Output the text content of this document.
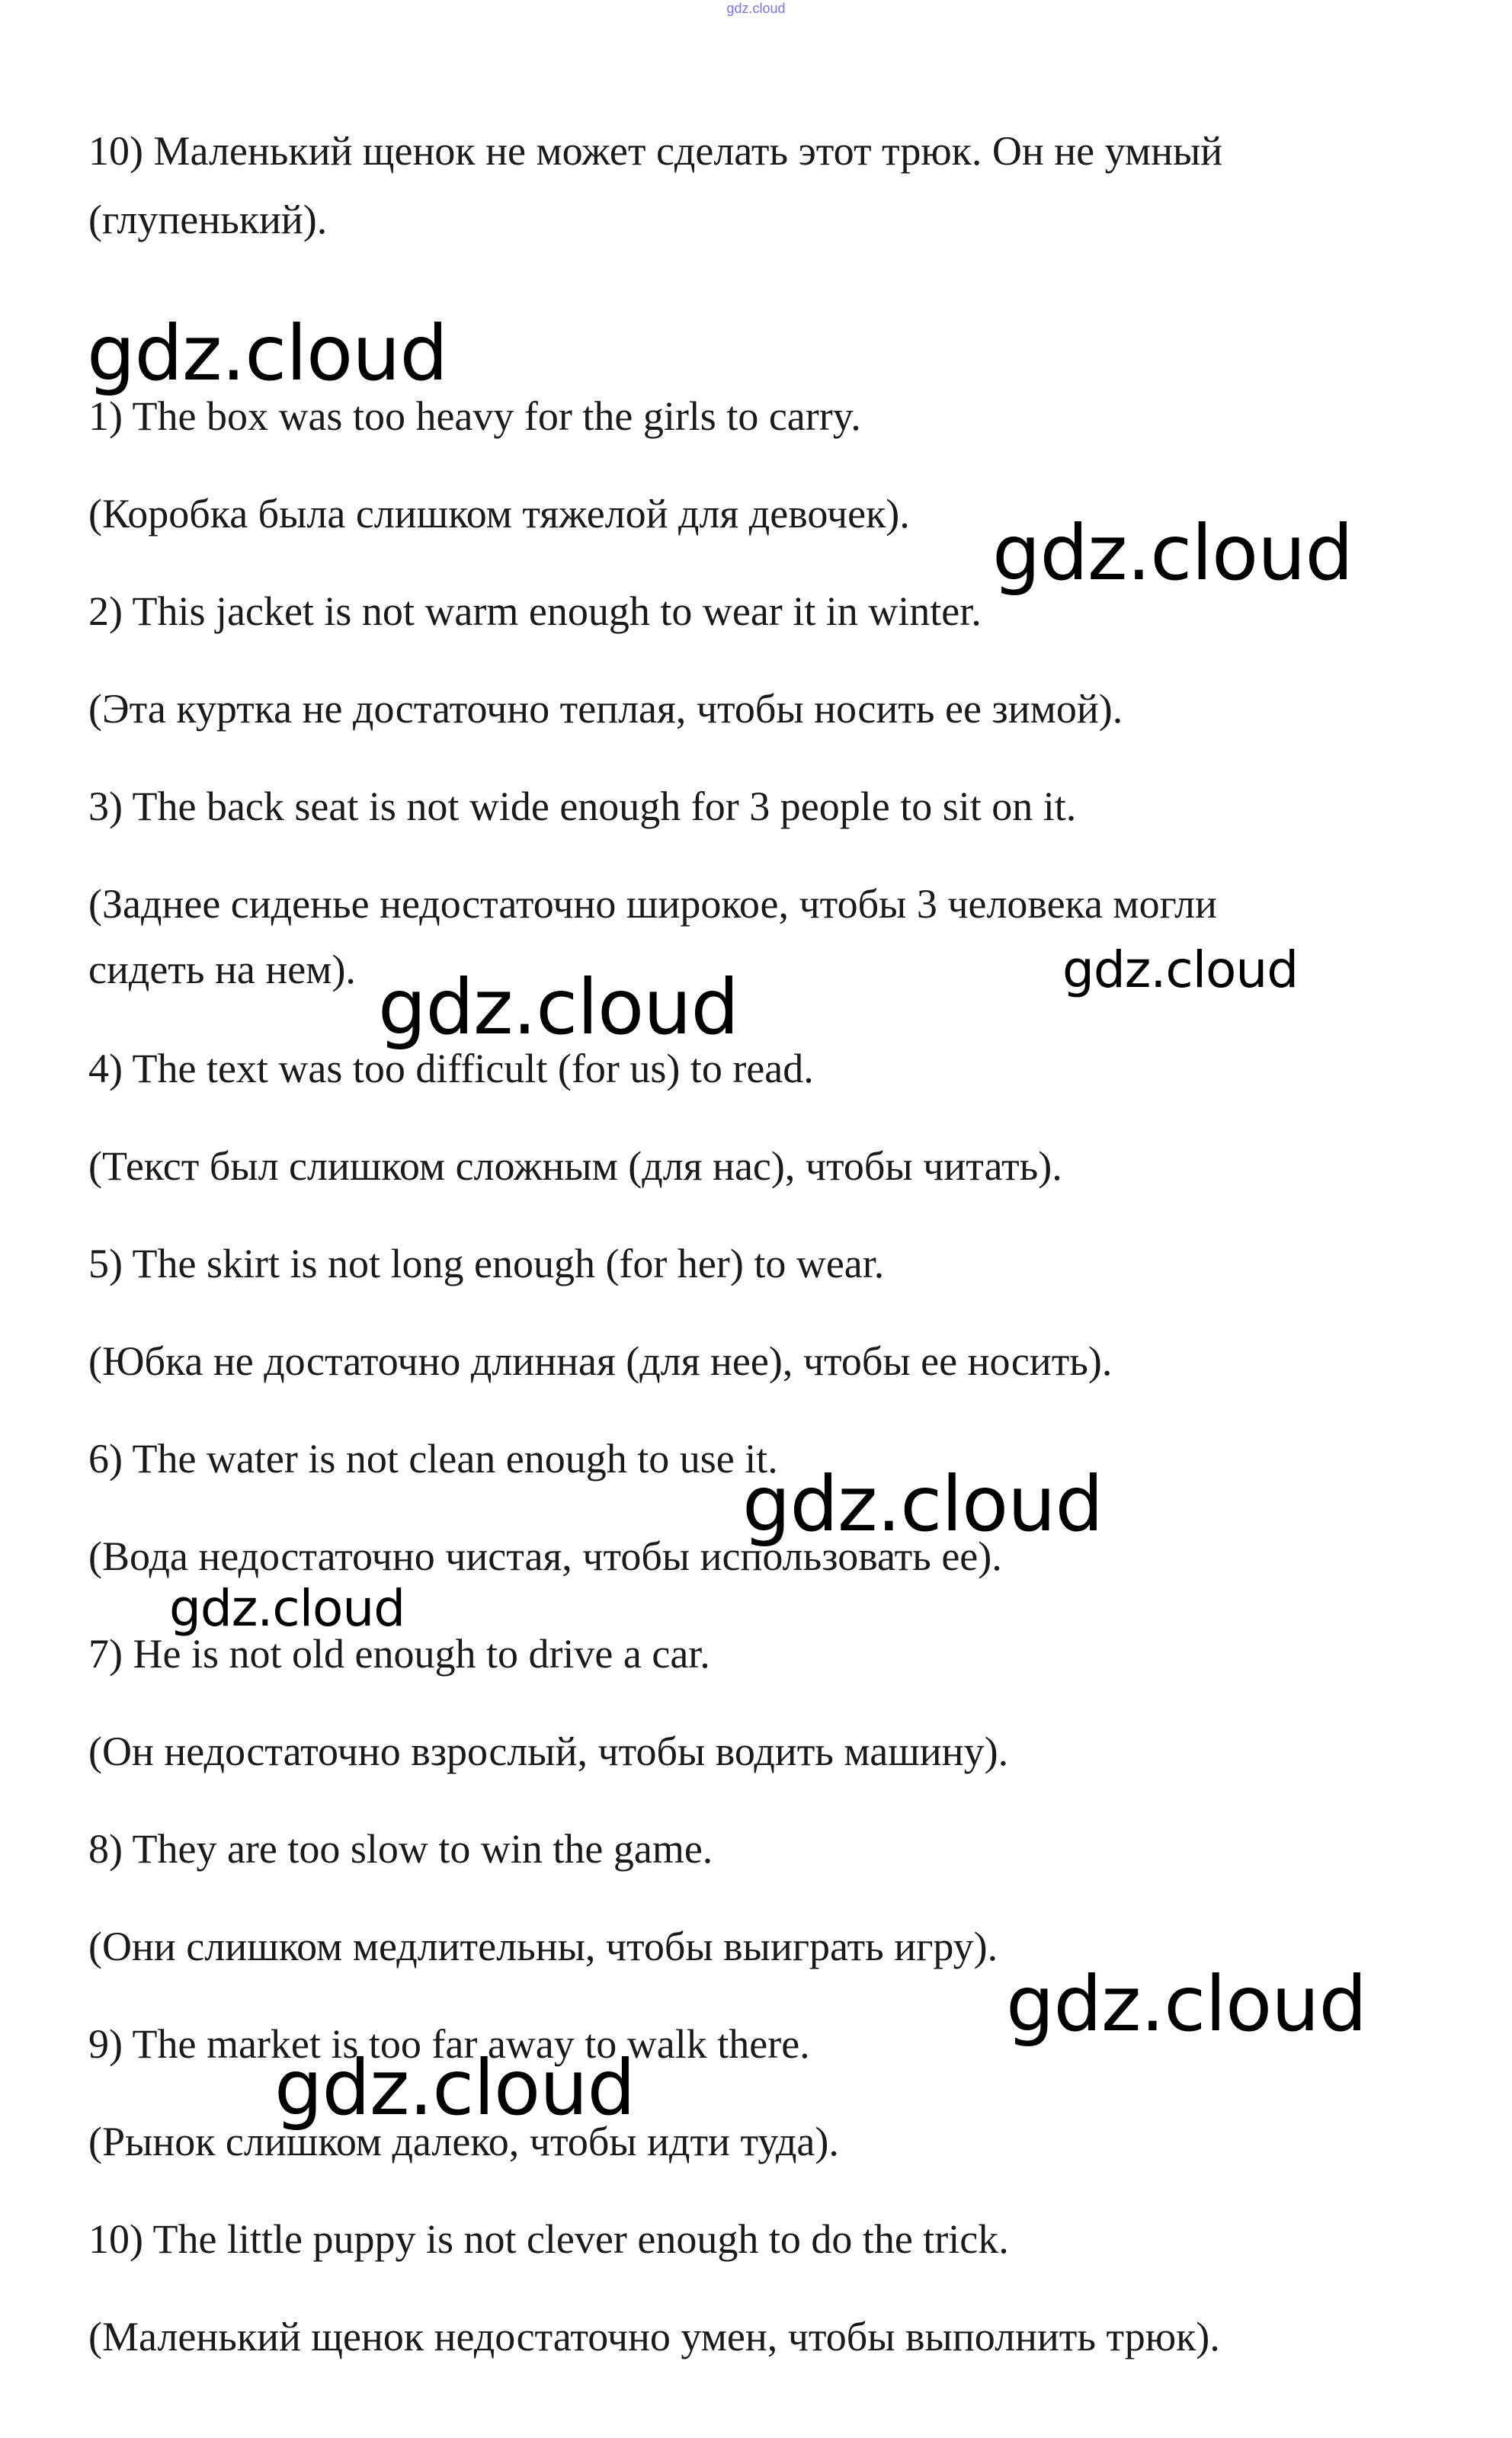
gdz.cloud
10) Маленький щенок не может сделать этот трюк. Он не умный
(глупенький).
1) The box was too heavy for the girls to carry.
(Коробка была слишком тяжелой для девочек).
2) This jacket is not warm enough to wear it in winter.
(Эта куртка не достаточно теплая, чтобы носить ее зимой).
3) The back seat is not wide enough for 3 people to sit on it.
(Заднее сиденье недостаточно широкое, чтобы 3 человека могли
сидеть на нем).
4) The text was too difficult (for us) to read.
(Текст был слишком сложным (для нас), чтобы читать).
5) The skirt is not long enough (for her) to wear.
(Юбка не достаточно длинная (для нее), чтобы ее носить).
6) The water is not clean enough to use it.
(Вода недостаточно чистая, чтобы использовать ее).
7) He is not old enough to drive a car.
(Он недостаточно взрослый, чтобы водить машину).
8) They are too slow to win the game.
(Они слишком медлительны, чтобы выиграть игру).
9) The market is too far away to walk there.
(Рынок слишком далеко, чтобы идти туда).
10) The little puppy is not clever enough to do the trick.
(Маленький щенок недостаточно умен, чтобы выполнить трюк).
gdz.cloud
gdz.cloud
gdz.cloud
gdz.cloud
gdz.cloud
gdz.cloud
gdz.cloud
gdz.cloud
